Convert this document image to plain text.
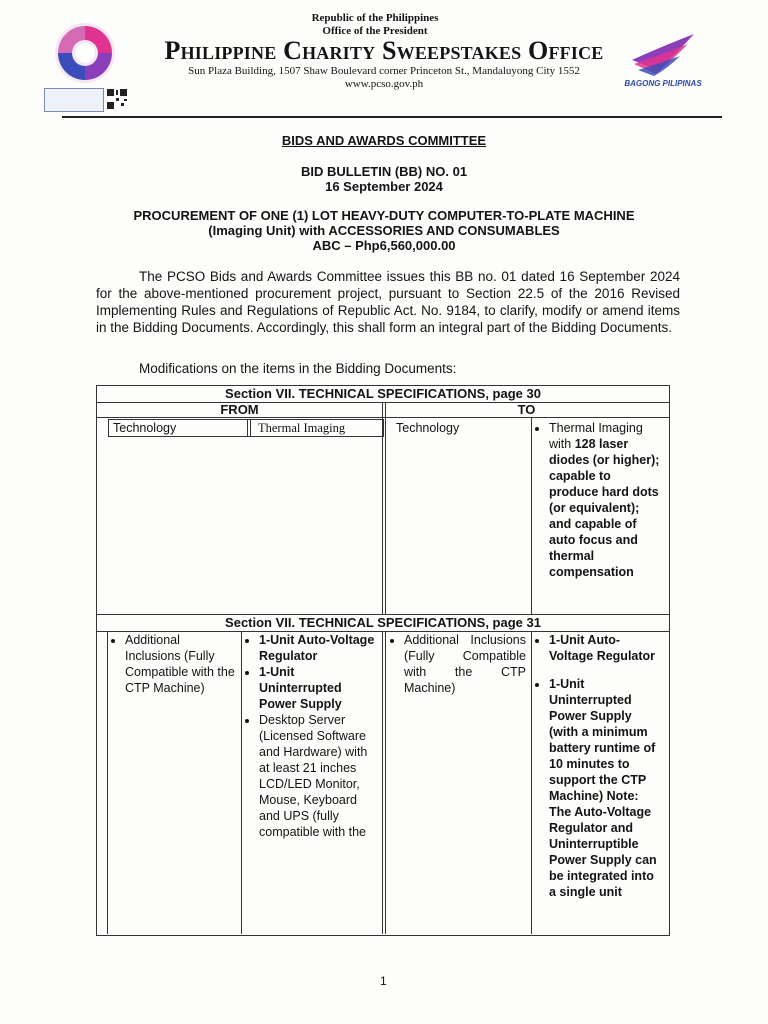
Republic of the Philippines
Office of the President
Philippine Charity Sweepstakes Office
Sun Plaza Building, 1507 Shaw Boulevard corner Princeton St., Mandaluyong City 1552
www.pcso.gov.ph	BAGONG PILIPINAS
BIDS AND AWARDS COMMITTEE
BID BULLETIN (BB) NO. 01
16 September 2024
PROCUREMENT OF ONE (1) LOT HEAVY-DUTY COMPUTER-TO-PLATE MACHINE
(Imaging Unit) with ACCESSORIES AND CONSUMABLES
ABC – Php6,560,000.00
The PCSO Bids and Awards Committee issues this BB no. 01 dated 16 September 2024 for the above-mentioned procurement project, pursuant to Section 22.5 of the 2016 Revised Implementing Rules and Regulations of Republic Act. No. 9184, to clarify, modify or amend items in the Bidding Documents. Accordingly, this shall form an integral part of the Bidding Documents.
Modifications on the items in the Bidding Documents:
Section VII. TECHNICAL SPECIFICATIONS, page 30
FROM	TO
Technology	Thermal Imaging	Technology
•	Thermal Imaging with 128 laser diodes (or higher); capable to produce hard dots (or equivalent); and capable of auto focus and thermal compensation
Section VII. TECHNICAL SPECIFICATIONS, page 31
• Additional Inclusions (Fully Compatible with the CTP Machine)
• 1-Unit Auto-Voltage Regulator
• 1-Unit Uninterrupted Power Supply
• Desktop Server (Licensed Software and Hardware) with at least 21 inches LCD/LED Monitor, Mouse, Keyboard and UPS (fully compatible with the
• Additional Inclusions (Fully Compatible with the CTP Machine)
• 1-Unit Auto-Voltage Regulator
• 1-Unit Uninterrupted Power Supply (with a minimum battery runtime of 10 minutes to support the CTP Machine) Note: The Auto-Voltage Regulator and Uninterruptible Power Supply can be integrated into a single unit
1
